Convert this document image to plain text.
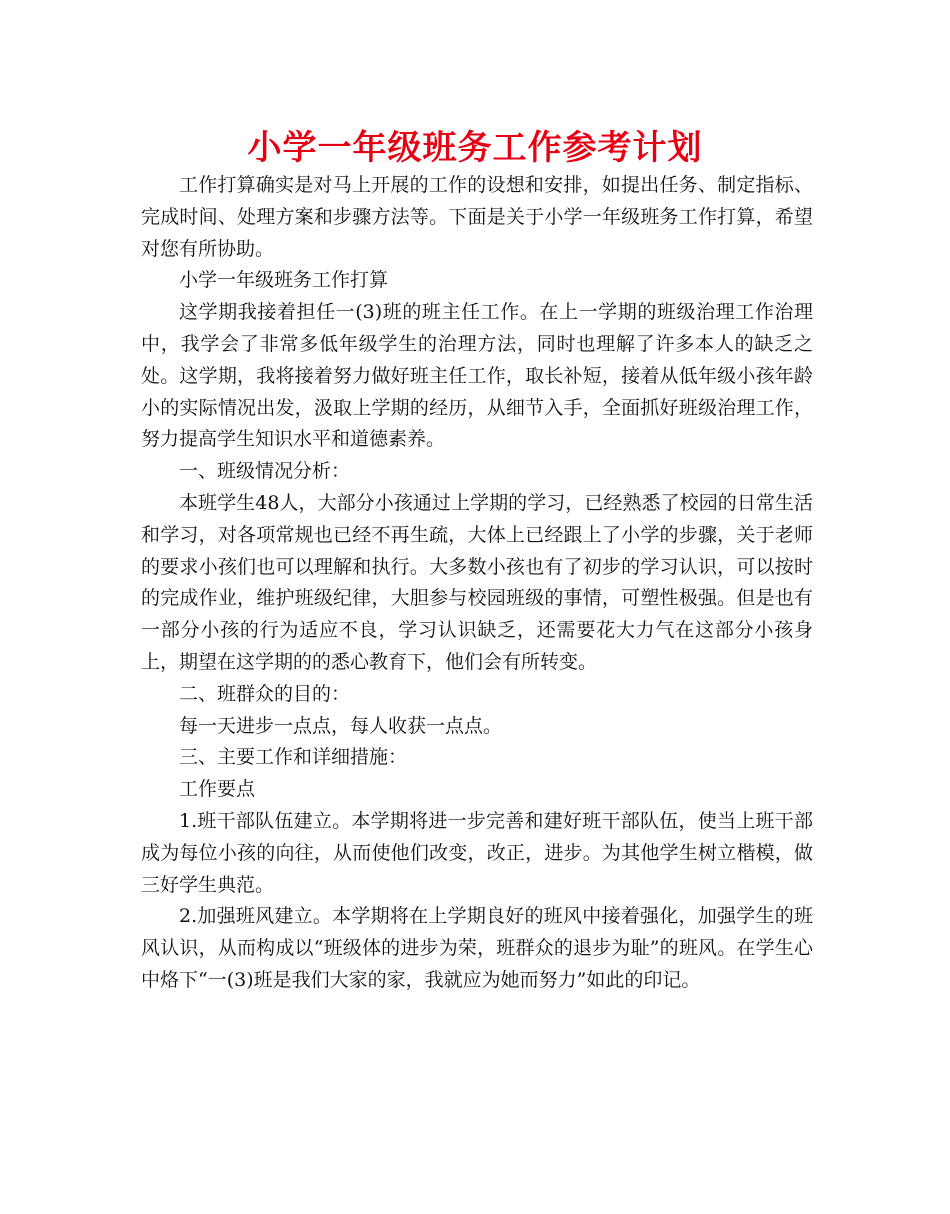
小学一年级班务工作参考计划

工作打算确实是对马上开展的工作的设想和安排，如提出任务、制定指标、完成时间、处理方案和步骤方法等。下面是关于小学一年级班务工作打算，希望对您有所协助。

小学一年级班务工作打算

这学期我接着担任一(3)班的班主任工作。在上一学期的班级治理工作治理中，我学会了非常多低年级学生的治理方法，同时也理解了许多本人的缺乏之处。这学期，我将接着努力做好班主任工作，取长补短，接着从低年级小孩年龄小的实际情况出发，汲取上学期的经历，从细节入手，全面抓好班级治理工作，努力提高学生知识水平和道德素养。

一、班级情况分析：

本班学生48人，大部分小孩通过上学期的学习，已经熟悉了校园的日常生活和学习，对各项常规也已经不再生疏，大体上已经跟上了小学的步骤，关于老师的要求小孩们也可以理解和执行。大多数小孩也有了初步的学习认识，可以按时的完成作业，维护班级纪律，大胆参与校园班级的事情，可塑性极强。但是也有一部分小孩的行为适应不良，学习认识缺乏，还需要花大力气在这部分小孩身上，期望在这学期的的悉心教育下，他们会有所转变。

二、班群众的目的：

每一天进步一点点，每人收获一点点。

三、主要工作和详细措施：

工作要点

1.班干部队伍建立。本学期将进一步完善和建好班干部队伍，使当上班干部成为每位小孩的向往，从而使他们改变，改正，进步。为其他学生树立楷模，做三好学生典范。

2.加强班风建立。本学期将在上学期良好的班风中接着强化，加强学生的班风认识，从而构成以“班级体的进步为荣，班群众的退步为耻”的班风。在学生心中烙下“一(3)班是我们大家的家，我就应为她而努力”如此的印记。
